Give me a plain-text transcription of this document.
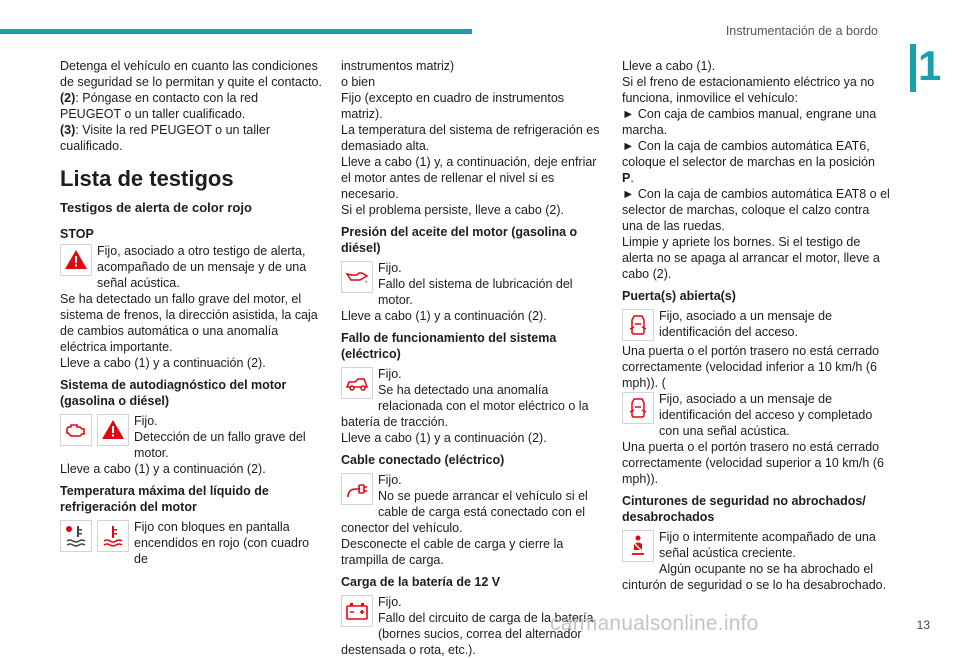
Instrumentación de a bordo
1

Detenga el vehículo en cuanto las condiciones de seguridad se lo permitan y quite el contacto.

(2): Póngase en contacto con la red PEUGEOT o un taller cualificado.

(3): Visite la red PEUGEOT o un taller cualificado.

Lista de testigos
Testigos de alerta de color rojo
STOP

Fijo, asociado a otro testigo de alerta, acompañado de un mensaje y de una señal acústica.

Se ha detectado un fallo grave del motor, el sistema de frenos, la dirección asistida, la caja de cambios automática o una anomalía eléctrica importante.

Lleve a cabo (1) y a continuación (2).

Sistema de autodiagnóstico del motor (gasolina o diésel)

Fijo.

Detección de un fallo grave del motor.

Lleve a cabo (1) y a continuación (2).

Temperatura máxima del líquido de refrigeración del motor

Fijo con bloques en pantalla encendidos en rojo (con cuadro de

instrumentos matriz)

o bien

Fijo (excepto en cuadro de instrumentos matriz).

La temperatura del sistema de refrigeración es demasiado alta.

Lleve a cabo (1) y, a continuación, deje enfriar el motor antes de rellenar el nivel si es necesario.

Si el problema persiste, lleve a cabo (2).

Presión del aceite del motor (gasolina o diésel)

Fijo.

Fallo del sistema de lubricación del motor.

Lleve a cabo (1) y a continuación (2).

Fallo de funcionamiento del sistema (eléctrico)

Fijo.

Se ha detectado una anomalía relacionada con el motor eléctrico o la batería de tracción.

Lleve a cabo (1) y a continuación (2).

Cable conectado (eléctrico)

Fijo.

No se puede arrancar el vehículo si el cable de carga está conectado con el conector del vehículo.

Desconecte el cable de carga y cierre la trampilla de carga.

Carga de la batería de 12 V

Fijo.

Fallo del circuito de carga de la batería (bornes sucios, correa del alternador destensada o rota, etc.).

Lleve a cabo (1).

Si el freno de estacionamiento eléctrico ya no funciona, inmovilice el vehículo:

► Con caja de cambios manual, engrane una marcha.

► Con la caja de cambios automática EAT6, coloque el selector de marchas en la posición P.

► Con la caja de cambios automática EAT8 o el selector de marchas, coloque el calzo contra una de las ruedas.

Limpie y apriete los bornes. Si el testigo de alerta no se apaga al arrancar el motor, lleve a cabo (2).

Puerta(s) abierta(s)

Fijo, asociado a un mensaje de identificación del acceso.

Una puerta o el portón trasero no está cerrado correctamente (velocidad inferior a 10 km/h (6 mph)). (

Fijo, asociado a un mensaje de identificación del acceso y completado con una señal acústica.

Una puerta o el portón trasero no está cerrado correctamente (velocidad superior a 10 km/h (6 mph)).

Cinturones de seguridad no abrochados/ desabrochados

Fijo o intermitente acompañado de una señal acústica creciente.

Algún ocupante no se ha abrochado el cinturón de seguridad o se lo ha desabrochado.

carmanualsonline.info	13
